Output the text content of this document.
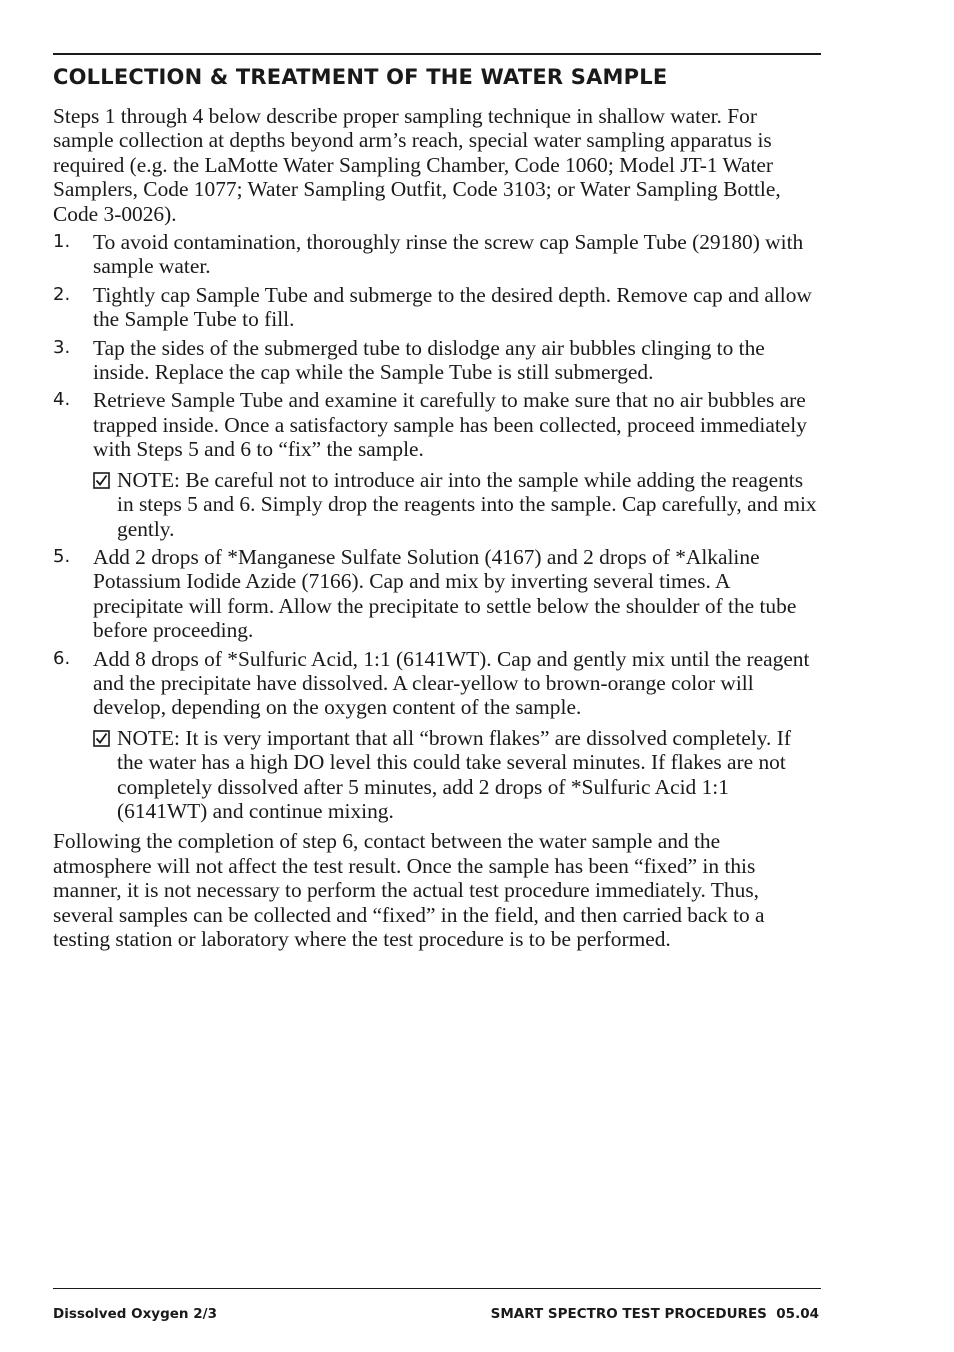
COLLECTION & TREATMENT OF THE WATER SAMPLE

Steps 1 through 4 below describe proper sampling technique in shallow water. For sample collection at depths beyond arm’s reach, special water sampling apparatus is required (e.g. the LaMotte Water Sampling Chamber, Code 1060; Model JT-1 Water Samplers, Code 1077; Water Sampling Outfit, Code 3103; or Water Sampling Bottle, Code 3-0026).

1. To avoid contamination, thoroughly rinse the screw cap Sample Tube (29180) with sample water.
2. Tightly cap Sample Tube and submerge to the desired depth. Remove cap and allow the Sample Tube to fill.
3. Tap the sides of the submerged tube to dislodge any air bubbles clinging to the inside. Replace the cap while the Sample Tube is still submerged.
4. Retrieve Sample Tube and examine it carefully to make sure that no air bubbles are trapped inside. Once a satisfactory sample has been collected, proceed immediately with Steps 5 and 6 to “fix” the sample.
NOTE: Be careful not to introduce air into the sample while adding the reagents in steps 5 and 6. Simply drop the reagents into the sample. Cap carefully, and mix gently.
5. Add 2 drops of *Manganese Sulfate Solution (4167) and 2 drops of *Alkaline Potassium Iodide Azide (7166). Cap and mix by inverting several times. A precipitate will form. Allow the precipitate to settle below the shoulder of the tube before proceeding.
6. Add 8 drops of *Sulfuric Acid, 1:1 (6141WT). Cap and gently mix until the reagent and the precipitate have dissolved. A clear-yellow to brown-orange color will develop, depending on the oxygen content of the sample.
NOTE: It is very important that all “brown flakes” are dissolved completely. If the water has a high DO level this could take several minutes. If flakes are not completely dissolved after 5 minutes, add 2 drops of *Sulfuric Acid 1:1 (6141WT) and continue mixing.

Following the completion of step 6, contact between the water sample and the atmosphere will not affect the test result. Once the sample has been “fixed” in this manner, it is not necessary to perform the actual test procedure immediately. Thus, several samples can be collected and “fixed” in the field, and then carried back to a testing station or laboratory where the test procedure is to be performed.

Dissolved Oxygen 2/3	SMART SPECTRO TEST PROCEDURES  05.04
